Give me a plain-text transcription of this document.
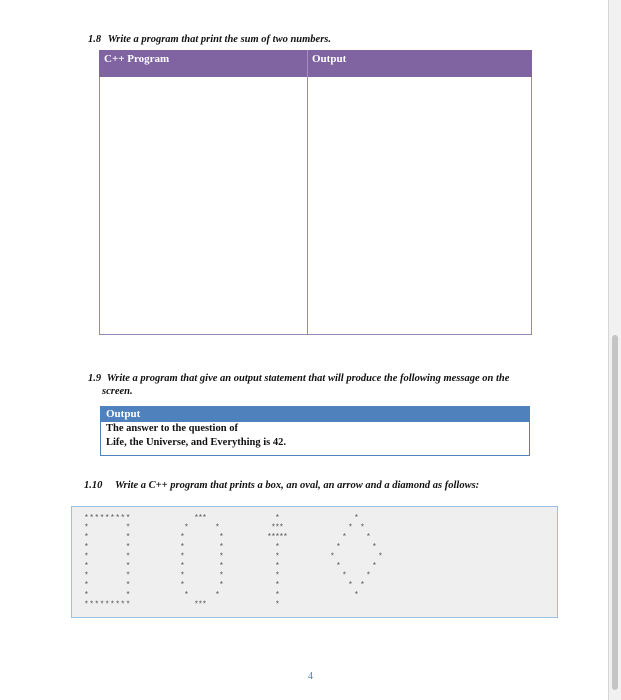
1.8 Write a program that print the sum of two numbers.
C++ Program	Output
1.9 Write a program that give an output statement that will produce the following message on the
screen.
Output
The answer to the question of
Life, the Universe, and Everything is 42.
1.10 Write a C++ program that prints a box, an oval, an arrow and a diamond as follows:
*
*
*
*
*
*
*
*
*
*
*
*
*
*
*
*
*
*
*	*
*	*
*	*
*	*
*	*
*	*
*	*
*	*
*
*
*
*
*
*
*	*
*	*
*	*
*	*
*	*
*	*
*	*
*	*
*
* * *
* * * * *
*
*
*
*
*
*
*
*
* *
* *
*	*
*	*
*	*
* *
* *
*
4
